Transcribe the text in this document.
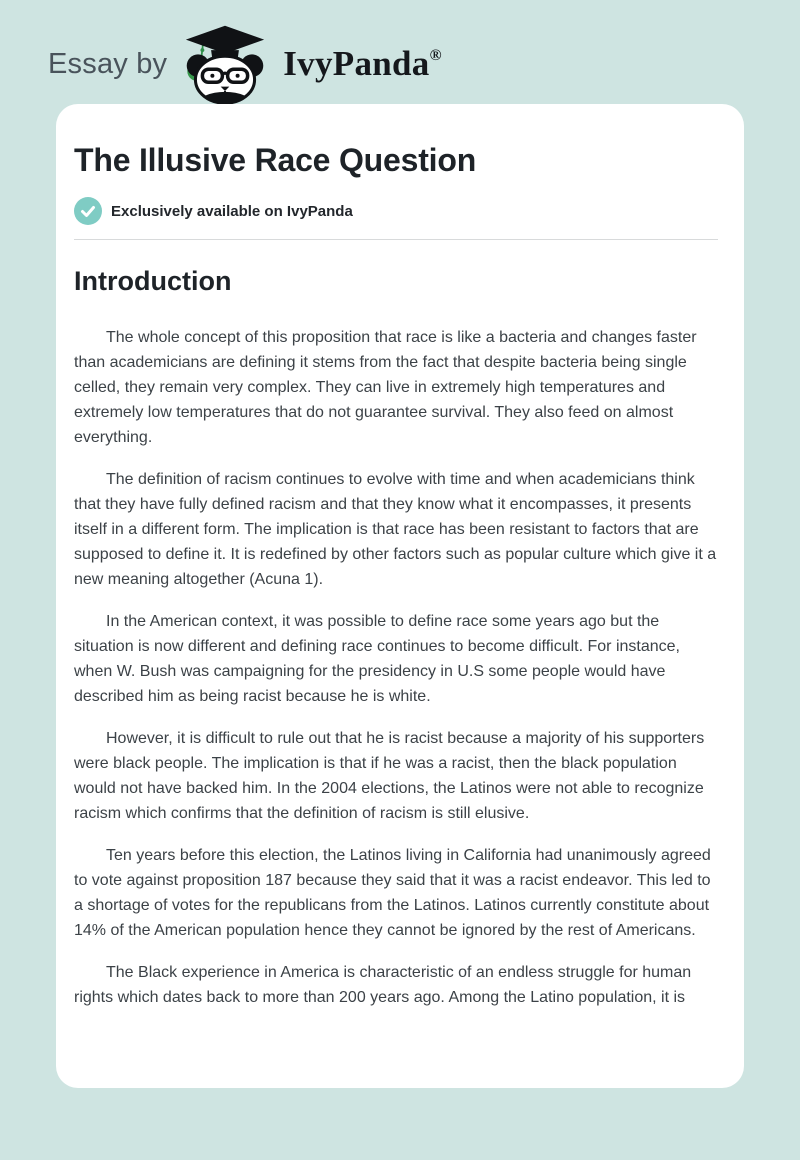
Essay by	IvyPanda ®
The Illusive Race Question
Exclusively available on IvyPanda
Introduction

The whole concept of this proposition that race is like a bacteria and changes faster than academicians are defining it stems from the fact that despite bacteria being single celled, they remain very complex. They can live in extremely high temperatures and extremely low temperatures that do not guarantee survival. They also feed on almost everything.

The definition of racism continues to evolve with time and when academicians think that they have fully defined racism and that they know what it encompasses, it presents itself in a different form. The implication is that race has been resistant to factors that are supposed to define it. It is redefined by other factors such as popular culture which give it a new meaning altogether (Acuna 1).

In the American context, it was possible to define race some years ago but the situation is now different and defining race continues to become difficult. For instance, when W. Bush was campaigning for the presidency in U.S some people would have described him as being racist because he is white.

However, it is difficult to rule out that he is racist because a majority of his supporters were black people. The implication is that if he was a racist, then the black population would not have backed him. In the 2004 elections, the Latinos were not able to recognize racism which confirms that the definition of racism is still elusive.

Ten years before this election, the Latinos living in California had unanimously agreed to vote against proposition 187 because they said that it was a racist endeavor. This led to a shortage of votes for the republicans from the Latinos. Latinos currently constitute about 14% of the American population hence they cannot be ignored by the rest of Americans.

The Black experience in America is characteristic of an endless struggle for human rights which dates back to more than 200 years ago. Among the Latino population, it is
